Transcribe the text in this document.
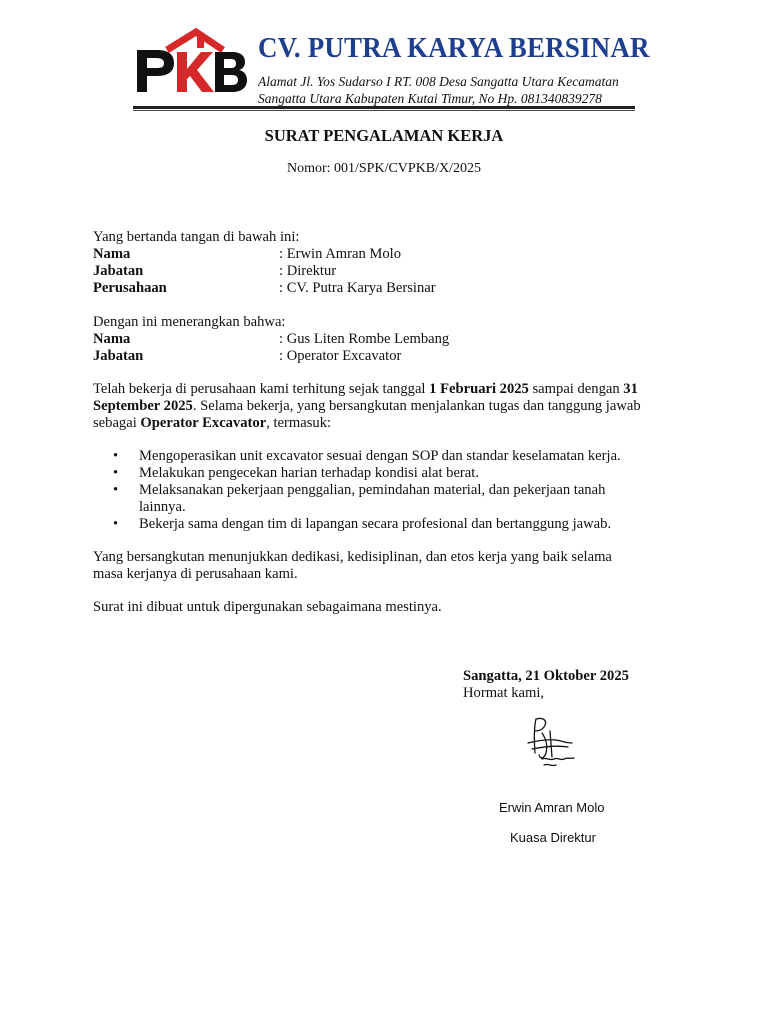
CV. PUTRA KARYA BERSINAR
Alamat Jl. Yos Sudarso I RT. 008 Desa Sangatta Utara Kecamatan
Sangatta Utara Kabupaten Kutai Timur, No Hp. 081340839278
SURAT PENGALAMAN KERJA
Nomor: 001/SPK/CVPKB/X/2025
Yang bertanda tangan di bawah ini:
Nama	: Erwin Amran Molo
Jabatan	: Direktur
Perusahaan	: CV. Putra Karya Bersinar
Dengan ini menerangkan bahwa:
Nama	: Gus Liten Rombe Lembang
Jabatan	: Operator Excavator
Telah bekerja di perusahaan kami terhitung sejak tanggal 1 Februari 2025 sampai dengan 31
September 2025. Selama bekerja, yang bersangkutan menjalankan tugas dan tanggung jawab
sebagai Operator Excavator, termasuk:
• Mengoperasikan unit excavator sesuai dengan SOP dan standar keselamatan kerja.
• Melakukan pengecekan harian terhadap kondisi alat berat.
• Melaksanakan pekerjaan penggalian, pemindahan material, dan pekerjaan tanah lainnya.
• Bekerja sama dengan tim di lapangan secara profesional dan bertanggung jawab.
Yang bersangkutan menunjukkan dedikasi, kedisiplinan, dan etos kerja yang baik selama
masa kerjanya di perusahaan kami.
Surat ini dibuat untuk dipergunakan sebagaimana mestinya.
Sangatta, 21 Oktober 2025
Hormat kami,
Erwin Amran Molo
Kuasa Direktur
